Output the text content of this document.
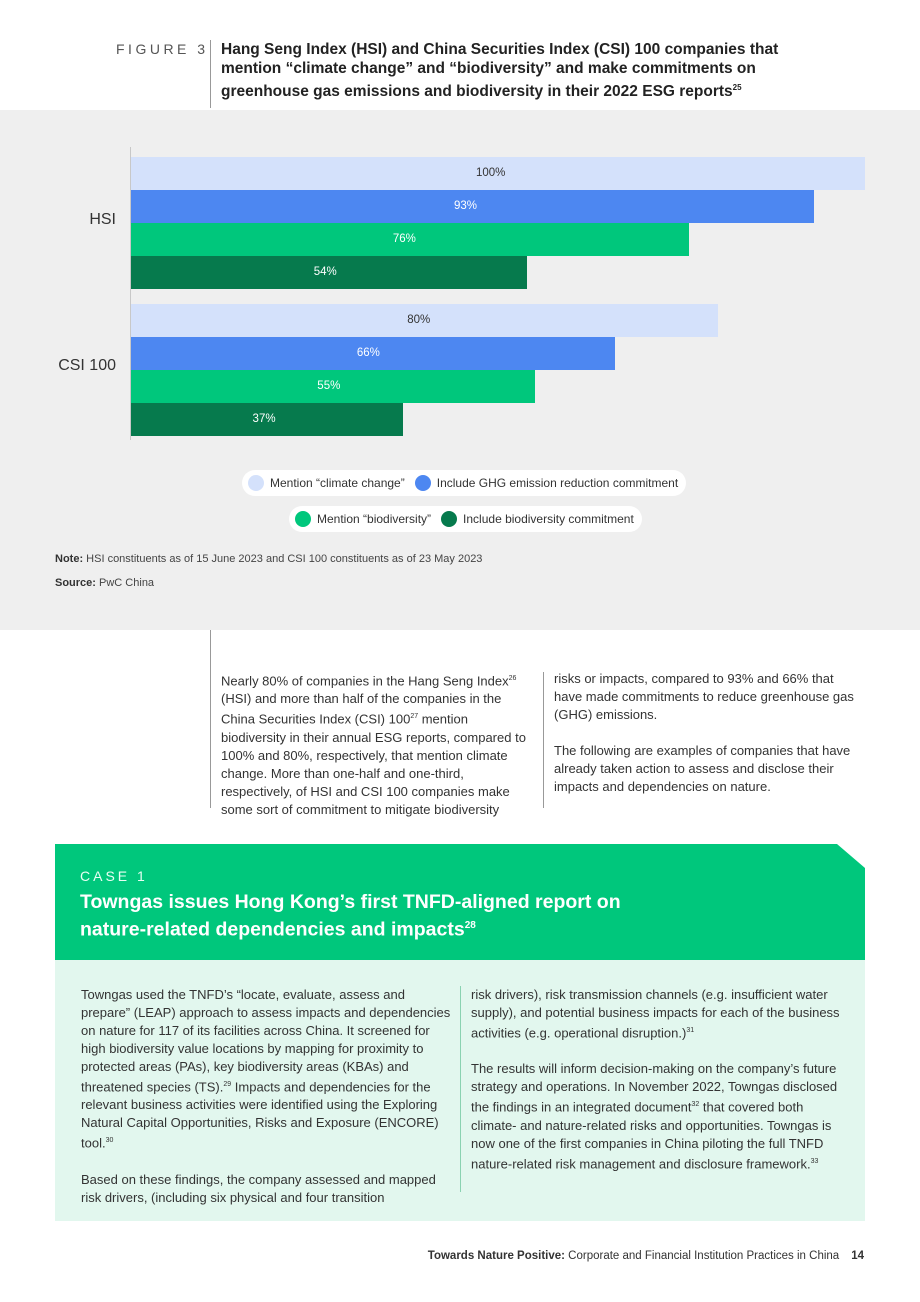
FIGURE 3 Hang Seng Index (HSI) and China Securities Index (CSI) 100 companies that mention “climate change” and “biodiversity” and make commitments on greenhouse gas emissions and biodiversity in their 2022 ESG reports$^{25}$
HSI
100%
93%
76%
54%
CSI 100
80%
66%
55%
37%
Mention “climate change”	Include GHG emission reduction commitment
Mention “biodiversity”	Include biodiversity commitment
Note: HSI constituents as of 15 June 2023 and CSI 100 constituents as of 23 May 2023
Source: PwC China

Nearly 80% of companies in the Hang Seng Index$^{26}$ (HSI) and more than half of the companies in the China Securities Index (CSI) $100^{27}$ mention biodiversity in their annual ESG reports, compared to 100% and 80%, respectively, that mention climate change. More than one-half and one-third, respectively, of HSI and CSI 100 companies make some sort of commitment to mitigate biodiversity

risks or impacts, compared to 93% and 66% that have made commitments to reduce greenhouse gas (GHG) emissions.

The following are examples of companies that have already taken action to assess and disclose their impacts and dependencies on nature.

CASE 1
Towngas issues Hong Kong’s first TNFD-aligned report on nature-related dependencies and impacts$^{28}$

Towngas used the TNFD’s “locate, evaluate, assess and prepare” (LEAP) approach to assess impacts and dependencies on nature for 117 of its facilities across China. It screened for high biodiversity value locations by mapping for proximity to protected areas (PAs), key biodiversity areas (KBAs) and threatened species (TS).$^{29}$ Impacts and dependencies for the relevant business activities were identified using the Exploring Natural Capital Opportunities, Risks and Exposure (ENCORE) tool.$^{30}$

Based on these findings, the company assessed and mapped risk drivers, (including six physical and four transition

risk drivers), risk transmission channels (e.g. insufficient water supply), and potential business impacts for each of the business activities (e.g. operational disruption.)$^{31}$

The results will inform decision-making on the company’s future strategy and operations. In November 2022, Towngas disclosed the findings in an integrated document$^{32}$ that covered both climate- and nature-related risks and opportunities. Towngas is now one of the first companies in China piloting the full TNFD nature-related risk management and disclosure framework.$^{33}$

Towards Nature Positive: Corporate and Financial Institution Practices in China 14
